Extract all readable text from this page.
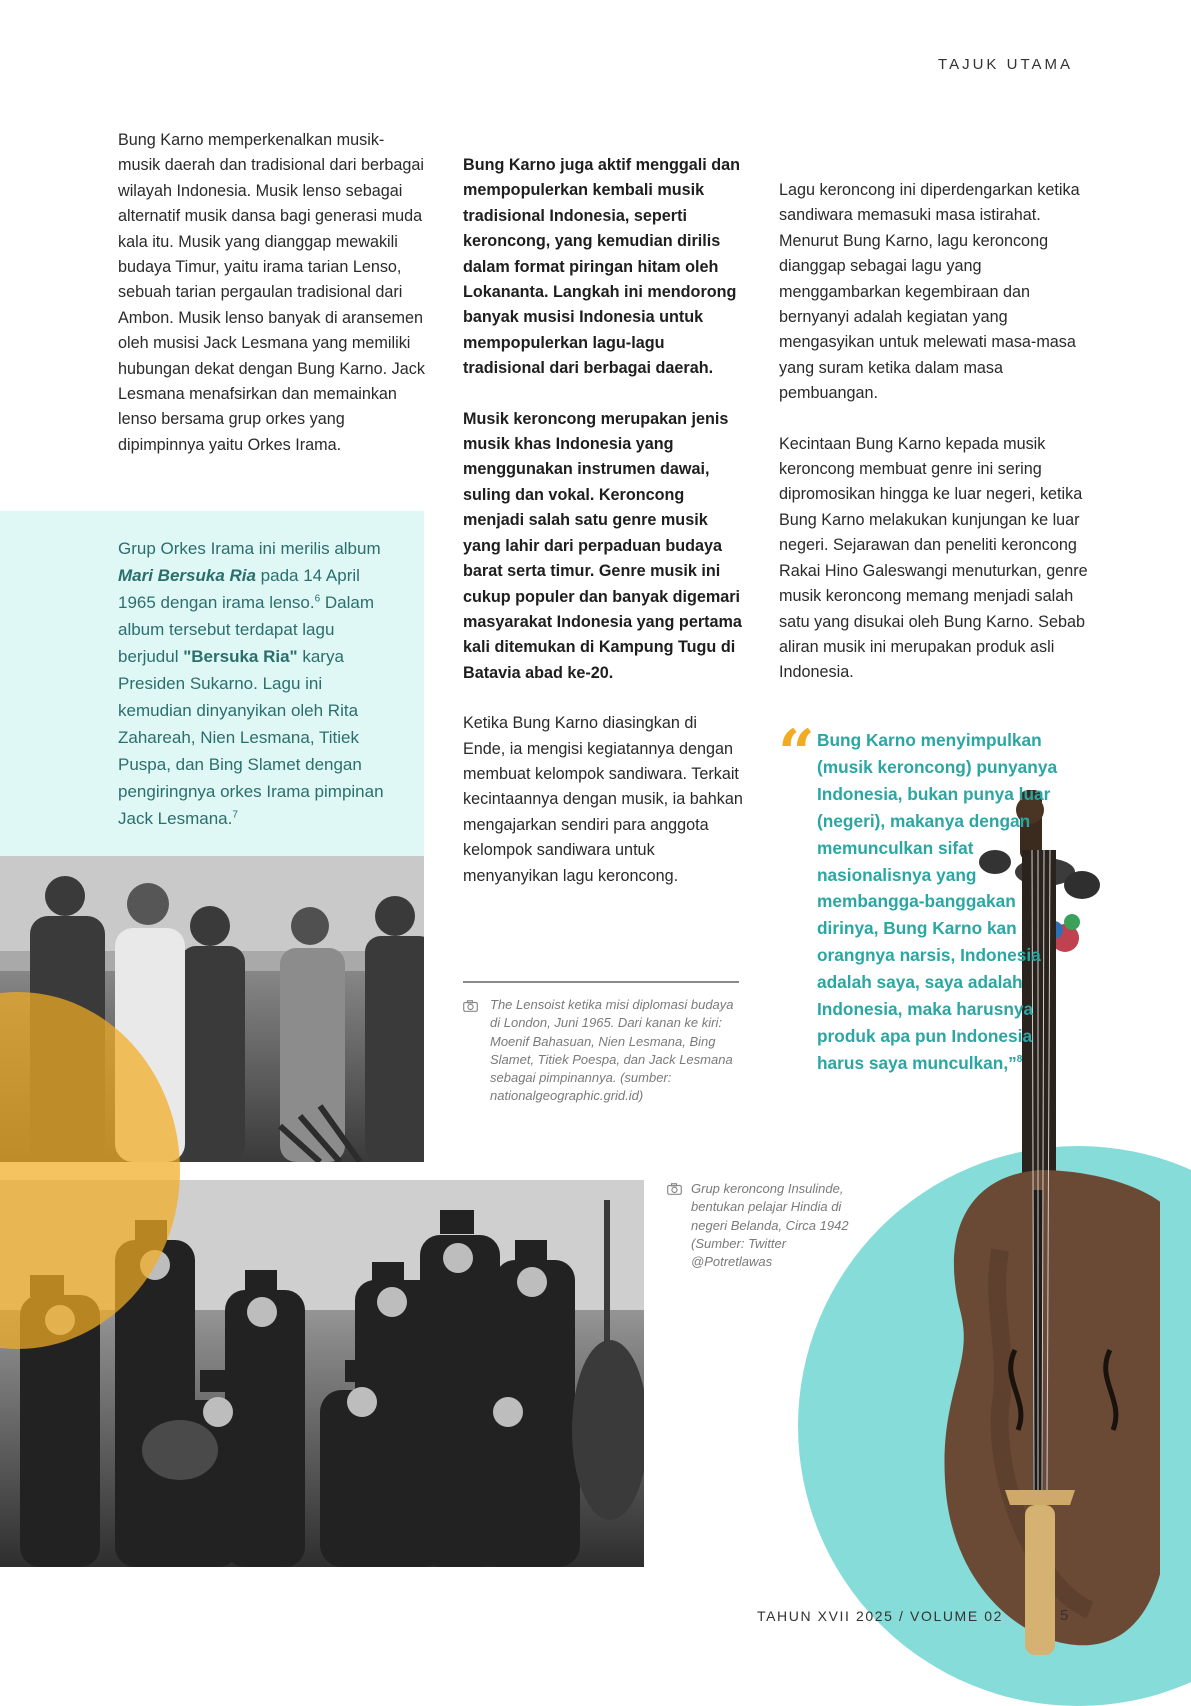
TAJUK UTAMA

Bung Karno memperkenalkan musik-musik daerah dan tradisional dari berbagai wilayah Indonesia. Musik lenso sebagai alternatif musik dansa bagi generasi muda kala itu. Musik yang dianggap mewakili budaya Timur, yaitu irama tarian Lenso, sebuah tarian pergaulan tradisional dari Ambon. Musik lenso banyak di aransemen oleh musisi Jack Lesmana yang memiliki hubungan dekat dengan Bung Karno. Jack Lesmana menafsirkan dan memainkan lenso bersama grup orkes yang dipimpinnya yaitu Orkes Irama.

Grup Orkes Irama ini merilis album Mari Bersuka Ria pada 14 April 1965 dengan irama lenso.$^6$ Dalam album tersebut terdapat lagu berjudul "Bersuka Ria" karya Presiden Sukarno. Lagu ini kemudian dinyanyikan oleh Rita Zahareah, Nien Lesmana, Titiek Puspa, dan Bing Slamet dengan pengiringnya orkes Irama pimpinan Jack Lesmana.$^7$

Bung Karno juga aktif menggali dan mempopulerkan kembali musik tradisional Indonesia, seperti keroncong, yang kemudian dirilis dalam format piringan hitam oleh Lokananta. Langkah ini mendorong banyak musisi Indonesia untuk mempopulerkan lagu-lagu tradisional dari berbagai daerah.

Musik keroncong merupakan jenis musik khas Indonesia yang menggunakan instrumen dawai, suling dan vokal. Keroncong menjadi salah satu genre musik yang lahir dari perpaduan budaya barat serta timur. Genre musik ini cukup populer dan banyak digemari masyarakat Indonesia yang pertama kali ditemukan di Kampung Tugu di Batavia abad ke-20.

Ketika Bung Karno diasingkan di Ende, ia mengisi kegiatannya dengan membuat kelompok sandiwara. Terkait kecintaannya dengan musik, ia bahkan mengajarkan sendiri para anggota kelompok sandiwara untuk menyanyikan lagu keroncong.

The Lensoist ketika misi diplomasi budaya di London, Juni 1965. Dari kanan ke kiri: Moenif Bahasuan, Nien Lesmana, Bing Slamet, Titiek Poespa, dan Jack Lesmana sebagai pimpinannya. (sumber: nationalgeographic.grid.id)
Grup keroncong Insulinde, bentukan pelajar Hindia di negeri Belanda, Circa 1942 (Sumber: Twitter @Potretlawas

Lagu keroncong ini diperdengarkan ketika sandiwara memasuki masa istirahat. Menurut Bung Karno, lagu keroncong dianggap sebagai lagu yang menggambarkan kegembiraan dan bernyanyi adalah kegiatan yang mengasyikan untuk melewati masa-masa yang suram ketika dalam masa pembuangan.

Kecintaan Bung Karno kepada musik keroncong membuat genre ini sering dipromosikan hingga ke luar negeri, ketika Bung Karno melakukan kunjungan ke luar negeri. Sejarawan dan peneliti keroncong Rakai Hino Galeswangi menuturkan, genre musik keroncong memang menjadi salah satu yang disukai oleh Bung Karno. Sebab aliran musik ini merupakan produk asli Indonesia.

“ Bung Karno menyimpulkan (musik keroncong) punyanya Indonesia, bukan punya luar (negeri), makanya dengan memunculkan sifat nasionalisnya yang membangga-banggakan dirinya, Bung Karno kan orangnya narsis, Indonesia adalah saya, saya adalah Indonesia, maka harusnya produk apa pun Indonesia harus saya munculkan,”$^8$
TAHUN XVII 2025 / VOLUME 02	5
